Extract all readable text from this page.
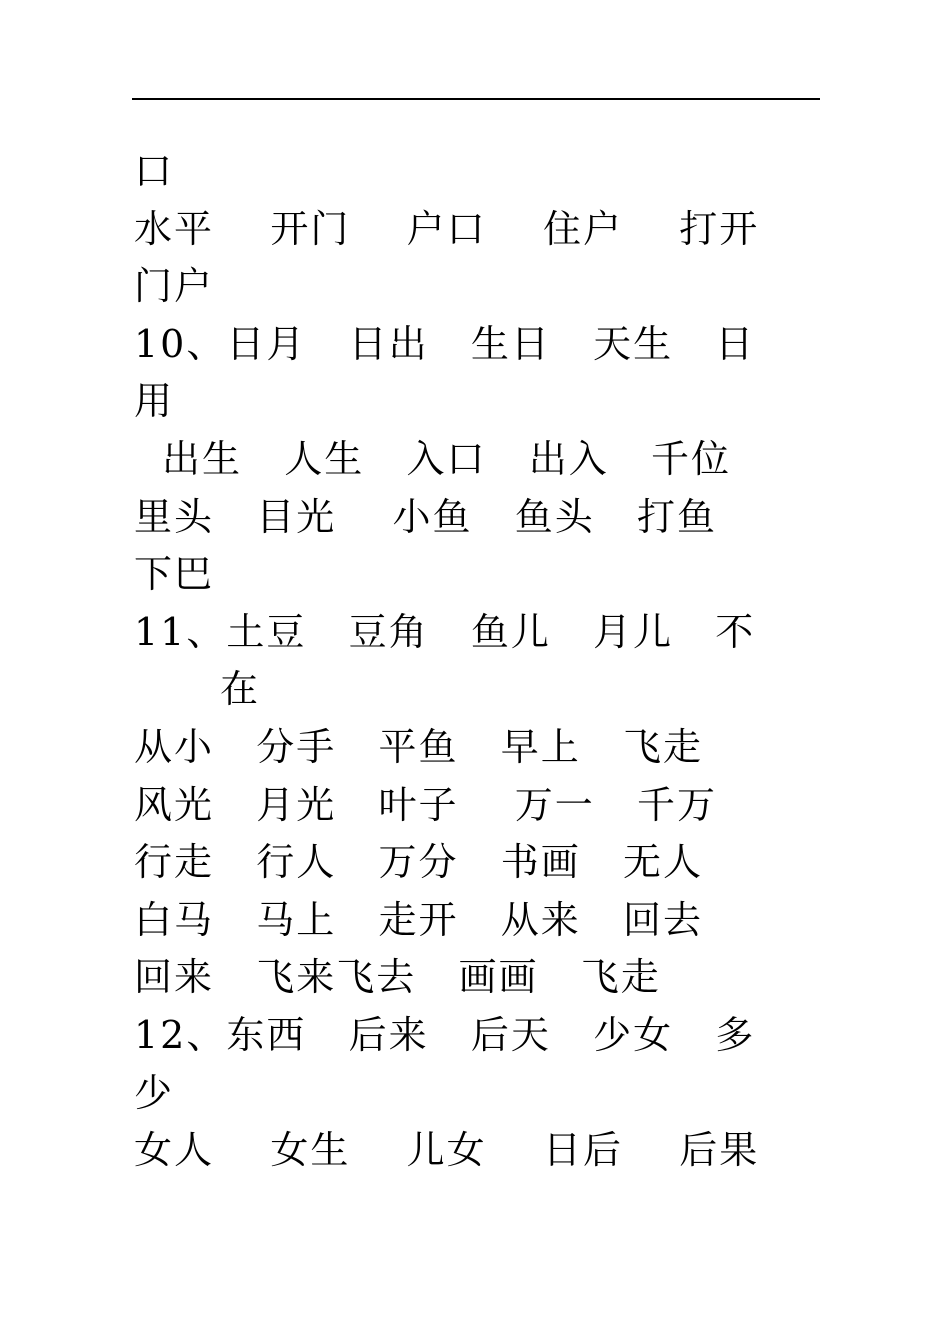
口
水平    开门    户口    住户    打开
门户
10、日月   日出   生日   天生   日
用
出生   人生   入口   出入   千位
里头   目光    小鱼   鱼头   打鱼
下巴
11、土豆   豆角   鱼儿   月儿   不
在
从小   分手   平鱼   早上   飞走
风光   月光   叶子    万一   千万
行走   行人   万分   书画   无人
白马   马上   走开   从来   回去
回来   飞来飞去   画画   飞走
12、东西   后来   后天   少女   多
少
女人    女生    儿女    日后    后果
